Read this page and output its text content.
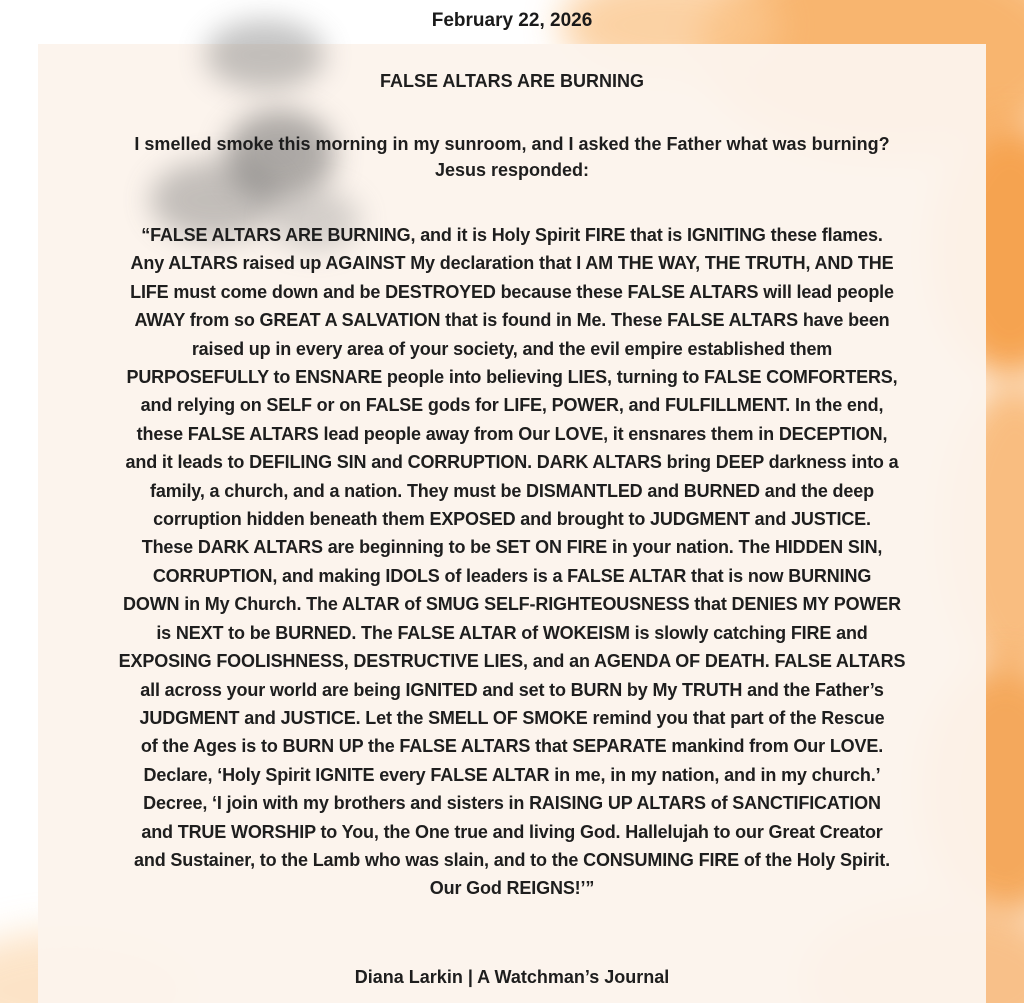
February 22, 2026
FALSE ALTARS ARE BURNING
I smelled smoke this morning in my sunroom, and I asked the Father what was burning?
Jesus responded:
“FALSE ALTARS ARE BURNING, and it is Holy Spirit FIRE that is IGNITING these flames.
Any ALTARS raised up AGAINST My declaration that I AM THE WAY, THE TRUTH, AND THE
LIFE must come down and be DESTROYED because these FALSE ALTARS will lead people
AWAY from so GREAT A SALVATION that is found in Me. These FALSE ALTARS have been
raised up in every area of your society, and the evil empire established them
PURPOSEFULLY to ENSNARE people into believing LIES, turning to FALSE COMFORTERS,
and relying on SELF or on FALSE gods for LIFE, POWER, and FULFILLMENT. In the end,
these FALSE ALTARS lead people away from Our LOVE, it ensnares them in DECEPTION,
and it leads to DEFILING SIN and CORRUPTION. DARK ALTARS bring DEEP darkness into a
family, a church, and a nation. They must be DISMANTLED and BURNED and the deep
corruption hidden beneath them EXPOSED and brought to JUDGMENT and JUSTICE.
These DARK ALTARS are beginning to be SET ON FIRE in your nation. The HIDDEN SIN,
CORRUPTION, and making IDOLS of leaders is a FALSE ALTAR that is now BURNING
DOWN in My Church. The ALTAR of SMUG SELF-RIGHTEOUSNESS that DENIES MY POWER
is NEXT to be BURNED. The FALSE ALTAR of WOKEISM is slowly catching FIRE and
EXPOSING FOOLISHNESS, DESTRUCTIVE LIES, and an AGENDA OF DEATH. FALSE ALTARS
all across your world are being IGNITED and set to BURN by My TRUTH and the Father’s
JUDGMENT and JUSTICE. Let the SMELL OF SMOKE remind you that part of the Rescue
of the Ages is to BURN UP the FALSE ALTARS that SEPARATE mankind from Our LOVE.
Declare, ‘Holy Spirit IGNITE every FALSE ALTAR in me, in my nation, and in my church.’
Decree, ‘I join with my brothers and sisters in RAISING UP ALTARS of SANCTIFICATION
and TRUE WORSHIP to You, the One true and living God. Hallelujah to our Great Creator
and Sustainer, to the Lamb who was slain, and to the CONSUMING FIRE of the Holy Spirit.
Our God REIGNS!’”
Diana Larkin | A Watchman’s Journal
